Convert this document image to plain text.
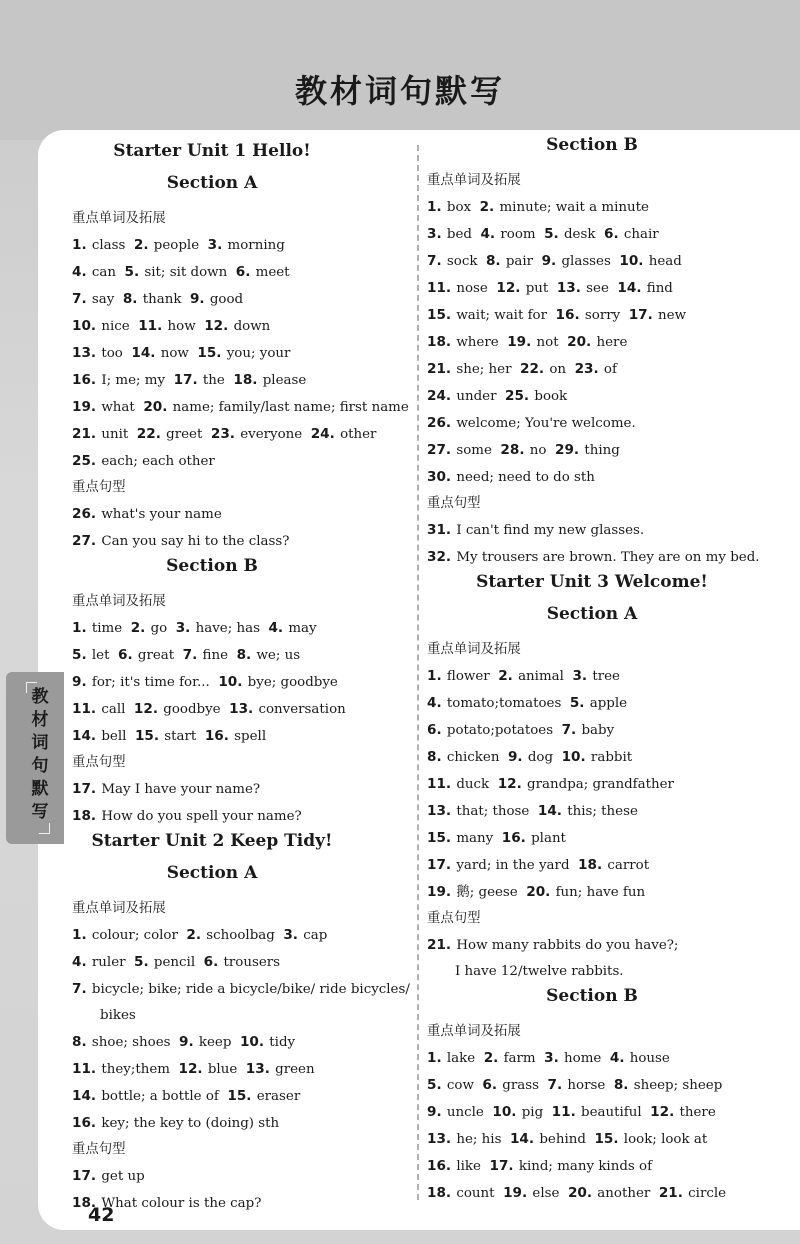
教材词句默写
Starter Unit 1 Hello!
Section A
重点单词及拓展
1. class 2. people 3. morning
4. can 5. sit; sit down 6. meet
7. say 8. thank 9. good
10. nice 11. how 12. down
13. too 14. now 15. you; your
16. I; me; my 17. the 18. please
19. what 20. name; family/last name; first name
21. unit 22. greet 23. everyone 24. other
25. each; each other
重点句型
26. what's your name
27. Can you say hi to the class?
Section B
重点单词及拓展
1. time 2. go 3. have; has 4. may
5. let 6. great 7. fine 8. we; us
9. for; it's time for... 10. bye; goodbye
11. call 12. goodbye 13. conversation
14. bell 15. start 16. spell
重点句型
17. May I have your name?
18. How do you spell your name?
Starter Unit 2 Keep Tidy!
Section A
重点单词及拓展
1. colour; color 2. schoolbag 3. cap
4. ruler 5. pencil 6. trousers
7. bicycle; bike; ride a bicycle/bike/ ride bicycles/
bikes
8. shoe; shoes 9. keep 10. tidy
11. they;them 12. blue 13. green
14. bottle; a bottle of 15. eraser
16. key; the key to (doing) sth
重点句型
17. get up
18. What colour is the cap?
Section B
重点单词及拓展
1. box 2. minute; wait a minute
3. bed 4. room 5. desk 6. chair
7. sock 8. pair 9. glasses 10. head
11. nose 12. put 13. see 14. find
15. wait; wait for 16. sorry 17. new
18. where 19. not 20. here
21. she; her 22. on 23. of
24. under 25. book
26. welcome; You're welcome.
27. some 28. no 29. thing
30. need; need to do sth
重点句型
31. I can't find my new glasses.
32. My trousers are brown. They are on my bed.
Starter Unit 3 Welcome!
Section A
重点单词及拓展
1. flower 2. animal 3. tree
4. tomato;tomatoes 5. apple
6. potato;potatoes 7. baby
8. chicken 9. dog 10. rabbit
11. duck 12. grandpa; grandfather
13. that; those 14. this; these
15. many 16. plant
17. yard; in the yard 18. carrot
19. 鹅; geese 20. fun; have fun
重点句型
21. How many rabbits do you have?;
I have 12/twelve rabbits.
Section B
重点单词及拓展
1. lake 2. farm 3. home 4. house
5. cow 6. grass 7. horse 8. sheep; sheep
9. uncle 10. pig 11. beautiful 12. there
13. he; his 14. behind 15. look; look at
16. like 17. kind; many kinds of
18. count 19. else 20. another 21. circle
教材词句默写
42
